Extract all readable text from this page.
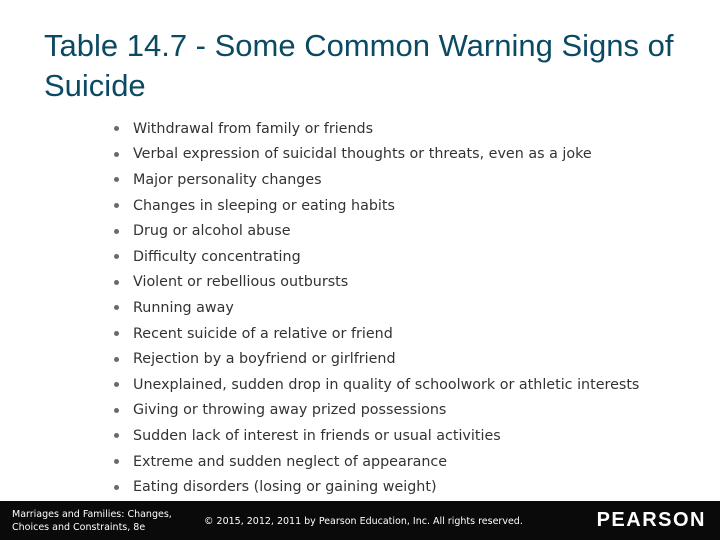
Table 14.7 - Some Common Warning Signs of Suicide
Withdrawal from family or friends
Verbal expression of suicidal thoughts or threats, even as a joke
Major personality changes
Changes in sleeping or eating habits
Drug or alcohol abuse
Difficulty concentrating
Violent or rebellious outbursts
Running away
Recent suicide of a relative or friend
Rejection by a boyfriend or girlfriend
Unexplained, sudden drop in quality of schoolwork or athletic interests
Giving or throwing away prized possessions
Sudden lack of interest in friends or usual activities
Extreme and sudden neglect of appearance
Eating disorders (losing or gaining weight)
Marriages and Families: Changes,
Choices and Constraints, 8e	© 2015, 2012, 2011 by Pearson Education, Inc. All rights reserved.	PEARSON
